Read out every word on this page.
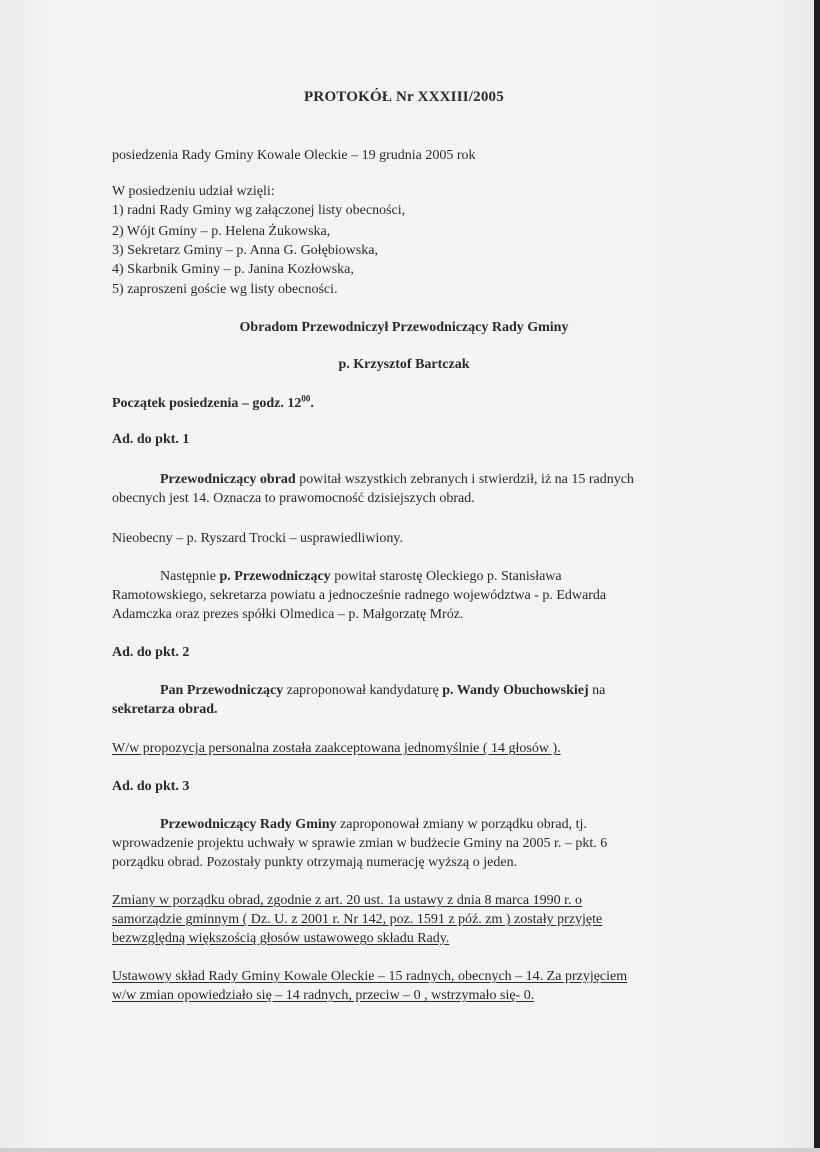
PROTOKÓŁ Nr XXXIII/2005
posiedzenia Rady Gminy Kowale Oleckie – 19 grudnia 2005 rok
W posiedzeniu udział wzięli:
1) radni Rady Gminy wg załączonej listy obecności,
2) Wójt Gminy – p. Helena Żukowska,
3) Sekretarz Gminy – p. Anna G. Gołębiowska,
4) Skarbnik Gminy – p. Janina Kozłowska,
5) zaproszeni goście wg listy obecności.
Obradom Przewodniczył Przewodniczący Rady Gminy
p. Krzysztof Bartczak
Początek posiedzenia – godz. $12^{00}$.
Ad. do pkt. 1
Przewodniczący obrad powitał wszystkich zebranych i stwierdził, iż na 15 radnych
obecnych jest 14. Oznacza to prawomocność dzisiejszych obrad.
Nieobecny – p. Ryszard Trocki – usprawiedliwiony.
Następnie p. Przewodniczący powitał starostę Oleckiego p. Stanisława
Ramotowskiego, sekretarza powiatu a jednocześnie radnego województwa - p. Edwarda
Adamczka oraz prezes spółki Olmedica – p. Małgorzatę Mróz.
Ad. do pkt. 2
Pan Przewodniczący zaproponował kandydaturę p. Wandy Obuchowskiej na
sekretarza obrad.
W/w propozycja personalna została zaakceptowana jednomyślnie ( 14 głosów ).
Ad. do pkt. 3
Przewodniczący Rady Gminy zaproponował zmiany w porządku obrad, tj.
wprowadzenie projektu uchwały w sprawie zmian w budżecie Gminy na 2005 r. – pkt. 6
porządku obrad. Pozostały punkty otrzymają numerację wyższą o jeden.
Zmiany w porządku obrad, zgodnie z art. 20 ust. 1a ustawy z dnia 8 marca 1990 r. o
samorządzie gminnym ( Dz. U. z 2001 r. Nr 142, poz. 1591 z póź. zm ) zostały przyjęte
bezwzględną większością głosów ustawowego składu Rady.
Ustawowy skład Rady Gminy Kowale Oleckie – 15 radnych, obecnych – 14. Za przyjęciem
w/w zmian opowiedziało się – 14 radnych, przeciw – 0 , wstrzymało się- 0.
